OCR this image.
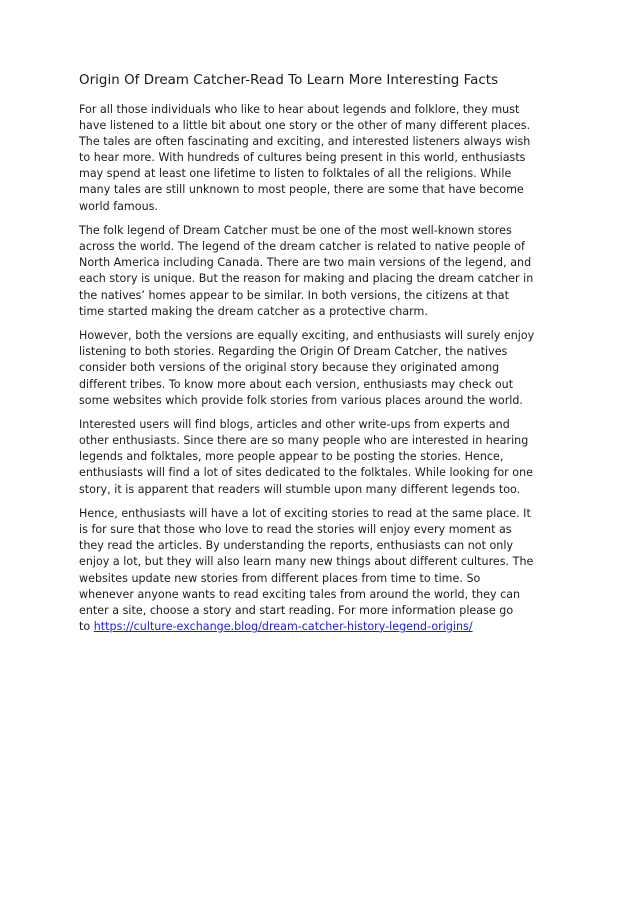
Origin Of Dream Catcher-Read To Learn More Interesting Facts

For all those individuals who like to hear about legends and folklore, they must
have listened to a little bit about one story or the other of many different places.
The tales are often fascinating and exciting, and interested listeners always wish
to hear more. With hundreds of cultures being present in this world, enthusiasts
may spend at least one lifetime to listen to folktales of all the religions. While
many tales are still unknown to most people, there are some that have become
world famous.

The folk legend of Dream Catcher must be one of the most well-known stores
across the world. The legend of the dream catcher is related to native people of
North America including Canada. There are two main versions of the legend, and
each story is unique. But the reason for making and placing the dream catcher in
the natives’ homes appear to be similar. In both versions, the citizens at that
time started making the dream catcher as a protective charm.

However, both the versions are equally exciting, and enthusiasts will surely enjoy
listening to both stories. Regarding the Origin Of Dream Catcher, the natives
consider both versions of the original story because they originated among
different tribes. To know more about each version, enthusiasts may check out
some websites which provide folk stories from various places around the world.

Interested users will find blogs, articles and other write-ups from experts and
other enthusiasts. Since there are so many people who are interested in hearing
legends and folktales, more people appear to be posting the stories. Hence,
enthusiasts will find a lot of sites dedicated to the folktales. While looking for one
story, it is apparent that readers will stumble upon many different legends too.

Hence, enthusiasts will have a lot of exciting stories to read at the same place. It
is for sure that those who love to read the stories will enjoy every moment as
they read the articles. By understanding the reports, enthusiasts can not only
enjoy a lot, but they will also learn many new things about different cultures. The
websites update new stories from different places from time to time. So
whenever anyone wants to read exciting tales from around the world, they can
enter a site, choose a story and start reading. For more information please go
to https://culture-exchange.blog/dream-catcher-history-legend-origins/
